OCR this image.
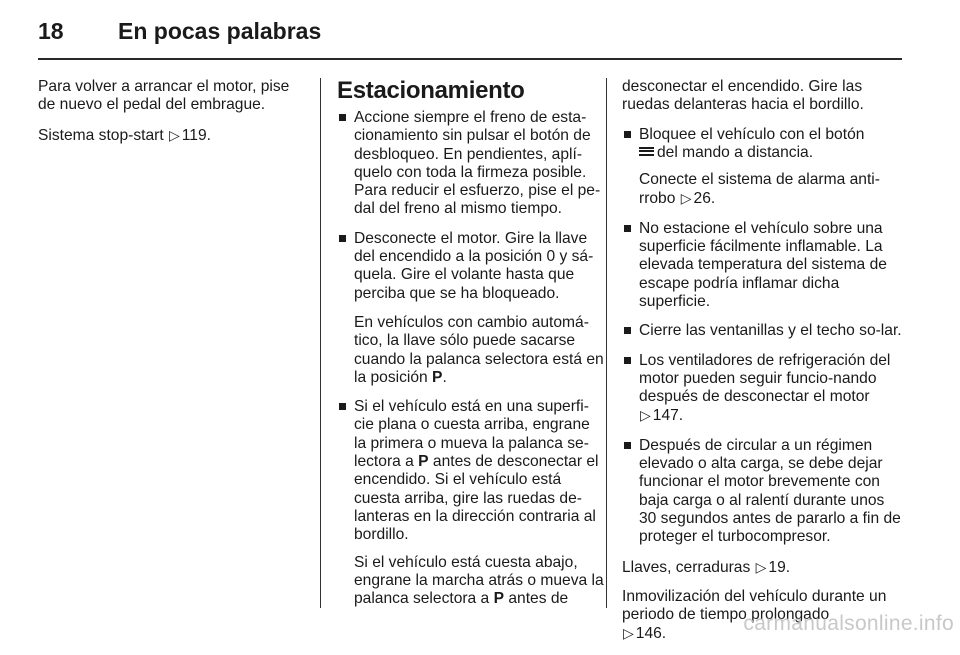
18 En pocas palabras

Para volver a arrancar el motor, pise de nuevo el pedal del embrague.

Sistema stop-start ▷ 119.

Estacionamiento
Accione siempre el freno de esta-cionamiento sin pulsar el botón de desbloqueo. En pendientes, aplí-quelo con toda la firmeza posible. Para reducir el esfuerzo, pise el pe-dal del freno al mismo tiempo.
Desconecte el motor. Gire la llave del encendido a la posición 0 y sá-quela. Gire el volante hasta que perciba que se ha bloqueado.
En vehículos con cambio automá-tico, la llave sólo puede sacarse cuando la palanca selectora está en la posición P.
Si el vehículo está en una superfi-cie plana o cuesta arriba, engrane la primera o mueva la palanca se-lectora a P antes de desconectar el encendido. Si el vehículo está cuesta arriba, gire las ruedas de-lanteras en la dirección contraria al bordillo.
Si el vehículo está cuesta abajo, engrane la marcha atrás o mueva la palanca selectora a P antes de

desconectar el encendido. Gire las ruedas delanteras hacia el bordillo.

Bloquee el vehículo con el botón
del mando a distancia.
Conecte el sistema de alarma anti-rrobo ▷ 26.
No estacione el vehículo sobre una superficie fácilmente inflamable. La elevada temperatura del sistema de escape podría inflamar dicha superficie.
Cierre las ventanillas y el techo so-lar.
Los ventiladores de refrigeración del motor pueden seguir funcio-nando después de desconectar el motor ▷ 147.
Después de circular a un régimen elevado o alta carga, se debe dejar funcionar el motor brevemente con baja carga o al ralentí durante unos 30 segundos antes de pararlo a fin de proteger el turbocompresor.

Llaves, cerraduras ▷ 19.

Inmovilización del vehículo durante un periodo de tiempo prolongado
▷ 146.	carmanualsonline.info
